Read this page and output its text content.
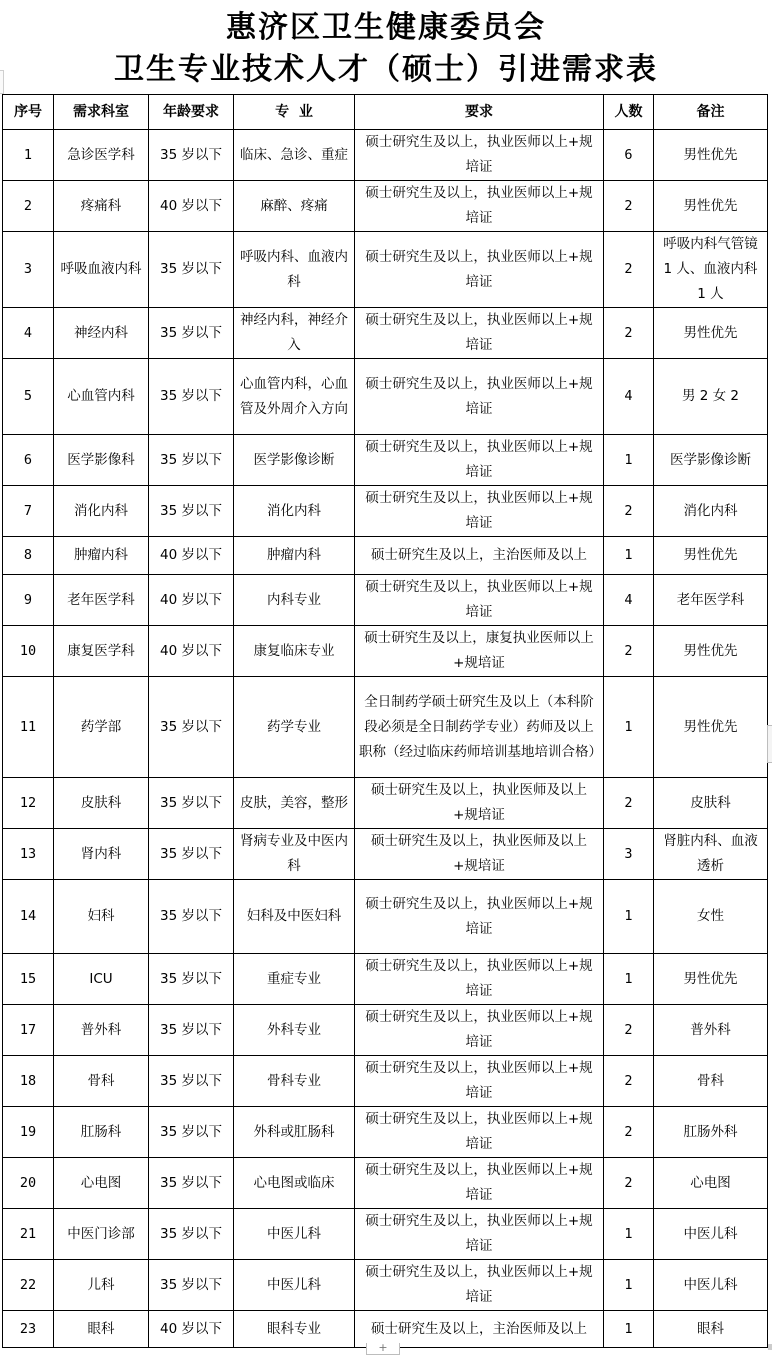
惠济区卫生健康委员会
卫生专业技术人才（硕士）引进需求表
序号	需求科室	年龄要求	专  业	要求	人数	备注
1	急诊医学科	35 岁以下	临床、急诊、重症	硕士研究生及以上，执业医师以上+规培证	6	男性优先
2	疼痛科	40 岁以下	麻醉、疼痛	硕士研究生及以上，执业医师以上+规培证	2	男性优先
3	呼吸血液内科	35 岁以下	呼吸内科、血液内科	硕士研究生及以上，执业医师以上+规培证	2	呼吸内科气管镜 1 人、血液内科 1 人
4	神经内科	35 岁以下	神经内科，神经介入	硕士研究生及以上，执业医师以上+规培证	2	男性优先
5	心血管内科	35 岁以下	心血管内科，心血管及外周介入方向	硕士研究生及以上，执业医师以上+规培证	4	男 2 女 2
6	医学影像科	35 岁以下	医学影像诊断	硕士研究生及以上，执业医师以上+规培证	1	医学影像诊断
7	消化内科	35 岁以下	消化内科	硕士研究生及以上，执业医师以上+规培证	2	消化内科
8	肿瘤内科	40 岁以下	肿瘤内科	硕士研究生及以上，主治医师及以上	1	男性优先
9	老年医学科	40 岁以下	内科专业	硕士研究生及以上，执业医师以上+规培证	4	老年医学科
10	康复医学科	40 岁以下	康复临床专业	硕士研究生及以上，康复执业医师以上+规培证	2	男性优先
11	药学部	35 岁以下	药学专业	全日制药学硕士研究生及以上（本科阶段必须是全日制药学专业）药师及以上职称（经过临床药师培训基地培训合格）	1	男性优先
12	皮肤科	35 岁以下	皮肤，美容，整形	硕士研究生及以上，执业医师及以上+规培证	2	皮肤科
13	肾内科	35 岁以下	肾病专业及中医内科	硕士研究生及以上，执业医师及以上+规培证	3	肾脏内科、血液透析
14	妇科	35 岁以下	妇科及中医妇科	硕士研究生及以上，执业医师以上+规培证	1	女性
15	ICU	35 岁以下	重症专业	硕士研究生及以上，执业医师以上+规培证	1	男性优先
17	普外科	35 岁以下	外科专业	硕士研究生及以上，执业医师以上+规培证	2	普外科
18	骨科	35 岁以下	骨科专业	硕士研究生及以上，执业医师以上+规培证	2	骨科
19	肛肠科	35 岁以下	外科或肛肠科	硕士研究生及以上，执业医师以上+规培证	2	肛肠外科
20	心电图	35 岁以下	心电图或临床	硕士研究生及以上，执业医师以上+规培证	2	心电图
21	中医门诊部	35 岁以下	中医儿科	硕士研究生及以上，执业医师以上+规培证	1	中医儿科
22	儿科	35 岁以下	中医儿科	硕士研究生及以上，执业医师以上+规培证	1	中医儿科
23	眼科	40 岁以下	眼科专业	硕士研究生及以上，主治医师及以上	1	眼科
+
